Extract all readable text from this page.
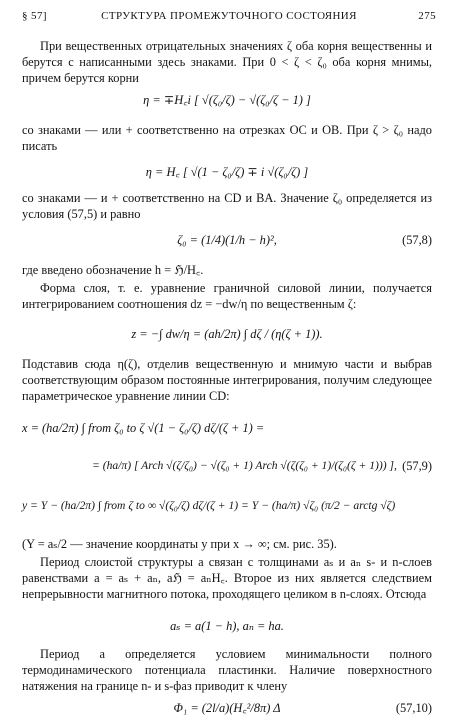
§ 57]	СТРУКТУРА ПРОМЕЖУТОЧНОГО СОСТОЯНИЯ	275
При вещественных отрицательных значениях ζ оба корня вещественны и берутся с написанными здесь знаками. При 0 < ζ < ζ₀ оба корня мнимы, причем берутся корни
η = ∓H꜀i [ √(ζ₀/ζ) − √(ζ₀/ζ − 1) ]
со знаками — или + соответственно на отрезках OC и OB. При ζ > ζ₀ надо писать
η = H꜀ [ √(1 − ζ₀/ζ) ∓ i √(ζ₀/ζ) ]
со знаками — и + соответственно на CD и BA. Значение ζ₀ определяется из условия (57,5) и равно
ζ₀ = (1/4)(1/h − h)²,	(57,8)
где введено обозначение h = ℌ/H꜀.
Форма слоя, т. е. уравнение граничной силовой линии, получается интегрированием соотношения dz = −dw/η по вещественным ζ:
z = −∫ dw/η = (ah/2π) ∫ dζ / (η(ζ + 1)).
Подставив сюда η(ζ), отделив вещественную и мнимую части и выбрав соответствующим образом постоянные интегрирования, получим следующее параметрическое уравнение линии CD:
x = (ha/2π) ∫ from ζ₀ to ζ √(1 − ζ₀/ζ) dζ/(ζ + 1) =
= (ha/π) [ Arch √(ζ/ζ₀) − √(ζ₀ + 1) Arch √(ζ(ζ₀ + 1)/(ζ₀(ζ + 1))) ], (57,9)
y = Y − (ha/2π) ∫ from ζ to ∞ √(ζ₀/ζ) dζ/(ζ + 1) = Y − (ha/π) √ζ₀ (π/2 − arctg √ζ)
(Y = aₛ/2 — значение координаты y при x → ∞; см. рис. 35).
Период слоистой структуры a связан с толщинами aₛ и aₙ s- и n-слоев равенствами a = aₛ + aₙ, aℌ = aₙH꜀. Второе из них является следствием непрерывности магнитного потока, проходящего целиком в n-слоях. Отсюда
aₛ = a(1 − h), aₙ = ha.
Период a определяется условием минимальности полного термодинамического потенциала пластинки. Наличие поверхностного натяжения на границе n- и s-фаз приводит к члену
Φ₁ = (2l/a)(H꜀²/8π) Δ	(57,10)
